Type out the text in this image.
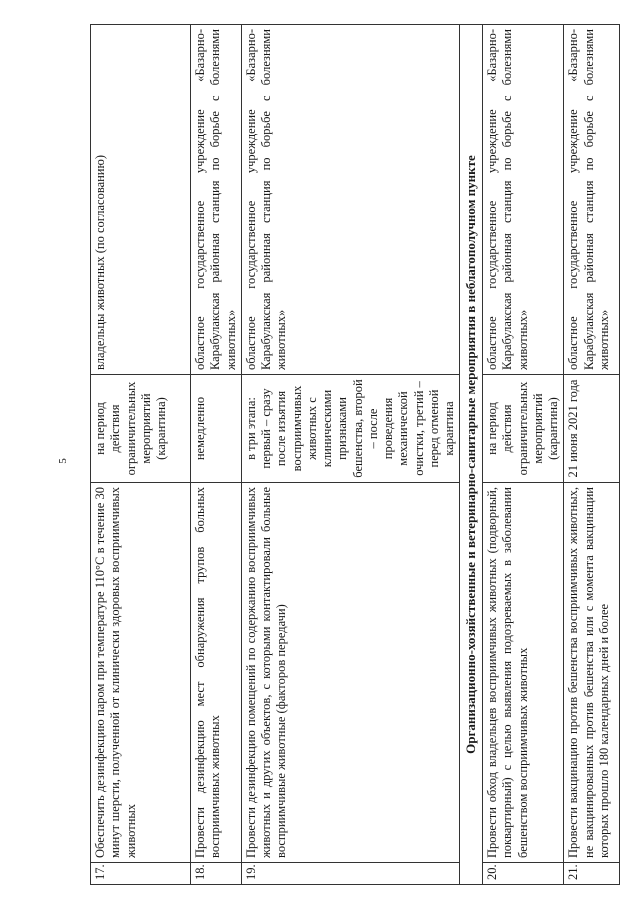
5
17.	Обеспечить дезинфекцию паром при температуре 110°С в течение 30 минут шерсти, полученной от клинически здоровых восприимчивых животных	на период действия ограничительных мероприятий (карантина)	владельцы животных (по согласованию)
18.	Провести дезинфекцию мест обнаружения трупов больных восприимчивых животных	немедленно	областное государственное учреждение «Базарно-Карабулакская районная станция по борьбе с болезнями животных»
19.	Провести дезинфекцию помещений по содержанию восприимчивых животных и других объектов, с которыми контактировали больные восприимчивые животные (факторов передачи)	в три этапа: первый – сразу после изъятия восприимчивых животных с клиническими признаками бешенства, второй – после проведения механической очистки, третий – перед отменой карантина	областное государственное учреждение «Базарно-Карабулакская районная станция по борьбе с болезнями животных»
Организационно-хозяйственные и ветеринарно-санитарные мероприятия в неблагополучном пункте			
20.	Провести обход владельцев восприимчивых животных (подворный, поквартирный) с целью выявления подозреваемых в заболевании бешенством восприимчивых животных	на период действия ограничительных мероприятий (карантина)	областное государственное учреждение «Базарно-Карабулакская районная станция по борьбе с болезнями животных»
21.	Провести вакцинацию против бешенства восприимчивых животных, не вакцинированных против бешенства или с момента вакцинации которых прошло 180 календарных дней и более	21 июня 2021 года	областное государственное учреждение «Базарно-Карабулакская районная станция по борьбе с болезнями животных»
